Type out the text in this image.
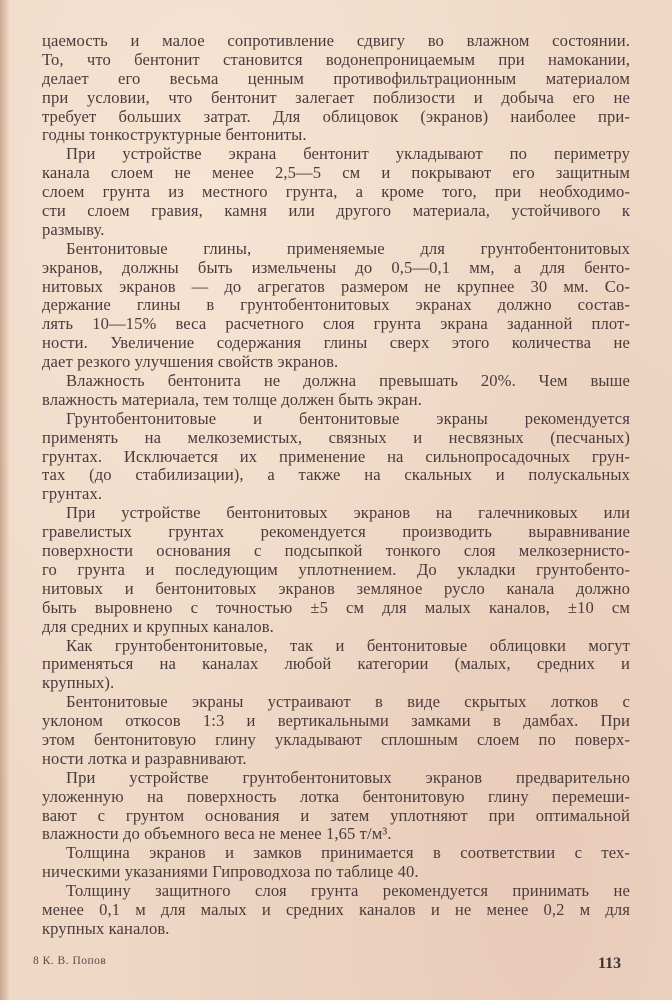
цаемость и малое сопротивление сдвигу во влажном состоянии.
То, что бентонит становится водонепроницаемым при намокании,
делает его весьма ценным противофильтрационным материалом
при условии, что бентонит залегает поблизости и добыча его не
требует больших затрат. Для облицовок (экранов) наиболее при-
годны тонкоструктурные бентониты.
При устройстве экрана бентонит укладывают по периметру
канала слоем не менее 2,5—5 см и покрывают его защитным
слоем грунта из местного грунта, а кроме того, при необходимо-
сти слоем гравия, камня или другого материала, устойчивого к
размыву.
Бентонитовые глины, применяемые для грунтобентонитовых
экранов, должны быть измельчены до 0,5—0,1 мм, а для бенто-
нитовых экранов — до агрегатов размером не крупнее 30 мм. Со-
держание глины в грунтобентонитовых экранах должно состав-
лять 10—15% веса расчетного слоя грунта экрана заданной плот-
ности. Увеличение содержания глины сверх этого количества не
дает резкого улучшения свойств экранов.
Влажность бентонита не должна превышать 20%. Чем выше
влажность материала, тем толще должен быть экран.
Грунтобентонитовые и бентонитовые экраны рекомендуется
применять на мелкоземистых, связных и несвязных (песчаных)
грунтах. Исключается их применение на сильнопросадочных грун-
тах (до стабилизации), а также на скальных и полускальных
грунтах.
При устройстве бентонитовых экранов на галечниковых или
гравелистых грунтах рекомендуется производить выравнивание
поверхности основания с подсыпкой тонкого слоя мелкозернисто-
го грунта и последующим уплотнением. До укладки грунтобенто-
нитовых и бентонитовых экранов земляное русло канала должно
быть выровнено с точностью ±5 см для малых каналов, ±10 см
для средних и крупных каналов.
Как грунтобентонитовые, так и бентонитовые облицовки могут
применяться на каналах любой категории (малых, средних и
крупных).
Бентонитовые экраны устраивают в виде скрытых лотков с
уклоном откосов 1:3 и вертикальными замками в дамбах. При
этом бентонитовую глину укладывают сплошным слоем по поверх-
ности лотка и разравнивают.
При устройстве грунтобентонитовых экранов предварительно
уложенную на поверхность лотка бентонитовую глину перемеши-
вают с грунтом основания и затем уплотняют при оптимальной
влажности до объемного веса не менее 1,65 т/м³.
Толщина экранов и замков принимается в соответствии с тех-
ническими указаниями Гипроводхоза по таблице 40.
Толщину защитного слоя грунта рекомендуется принимать не
менее 0,1 м для малых и средних каналов и не менее 0,2 м для
крупных каналов.
8 К. В. Попов	113
